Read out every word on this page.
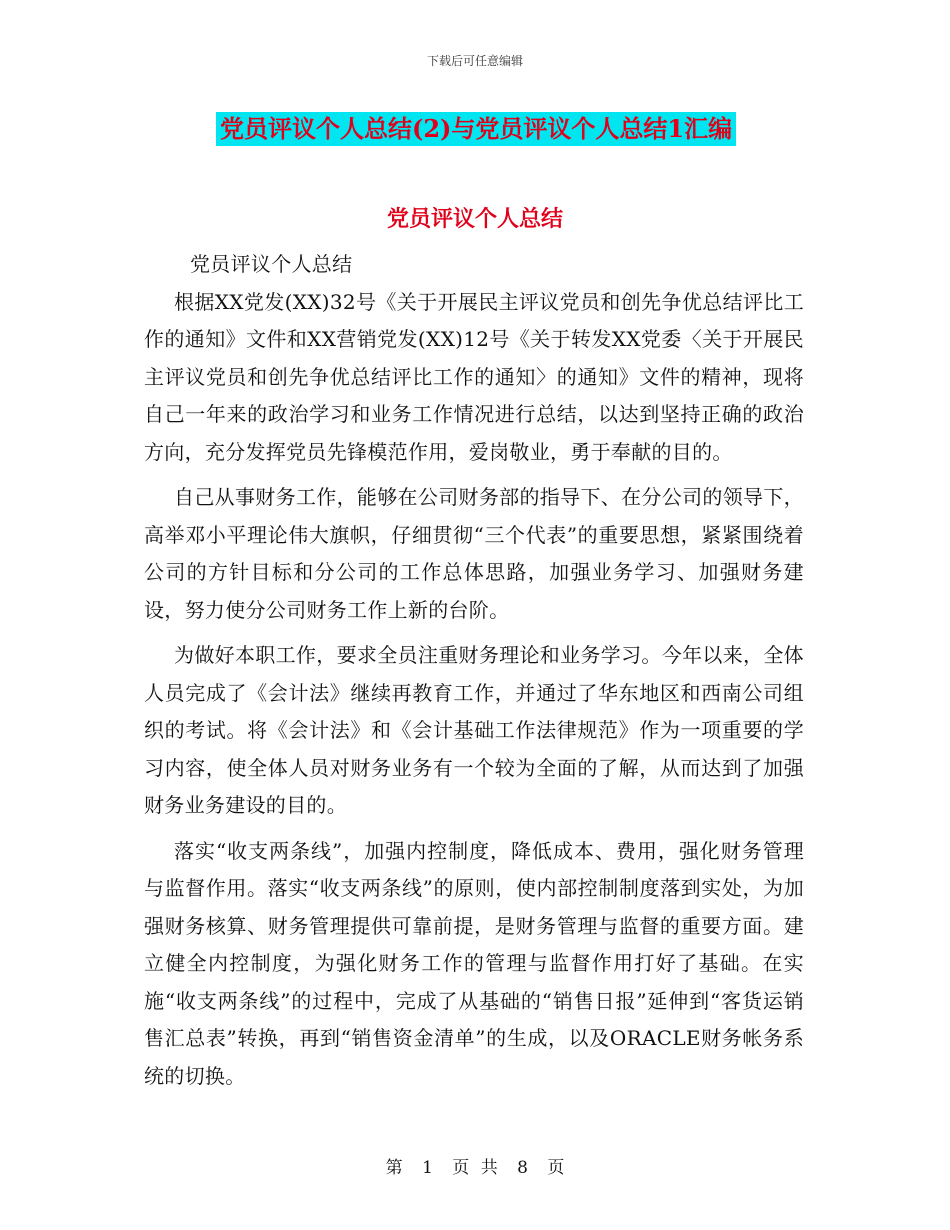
下载后可任意编辑
党员评议个人总结(2)与党员评议个人总结1汇编
党员评议个人总结

党员评议个人总结

根据XX党发(XX)32号《关于开展民主评议党员和创先争优总结评比工作的通知》文件和XX营销党发(XX)12号《关于转发XX党委〈关于开展民主评议党员和创先争优总结评比工作的通知〉的通知》文件的精神，现将自己一年来的政治学习和业务工作情况进行总结，以达到坚持正确的政治方向，充分发挥党员先锋模范作用，爱岗敬业，勇于奉献的目的。

自己从事财务工作，能够在公司财务部的指导下、在分公司的领导下，高举邓小平理论伟大旗帜，仔细贯彻“三个代表”的重要思想，紧紧围绕着公司的方针目标和分公司的工作总体思路，加强业务学习、加强财务建设，努力使分公司财务工作上新的台阶。

为做好本职工作，要求全员注重财务理论和业务学习。今年以来，全体人员完成了《会计法》继续再教育工作，并通过了华东地区和西南公司组织的考试。将《会计法》和《会计基础工作法律规范》作为一项重要的学习内容，使全体人员对财务业务有一个较为全面的了解，从而达到了加强财务业务建设的目的。

落实“收支两条线”，加强内控制度，降低成本、费用，强化财务管理与监督作用。落实“收支两条线”的原则，使内部控制制度落到实处，为加强财务核算、财务管理提供可靠前提，是财务管理与监督的重要方面。建立健全内控制度，为强化财务工作的管理与监督作用打好了基础。在实施“收支两条线”的过程中，完成了从基础的“销售日报”延伸到“客货运销售汇总表”转换，再到“销售资金清单”的生成，以及ORACLE财务帐务系统的切换。

第 1 页 共 8 页
